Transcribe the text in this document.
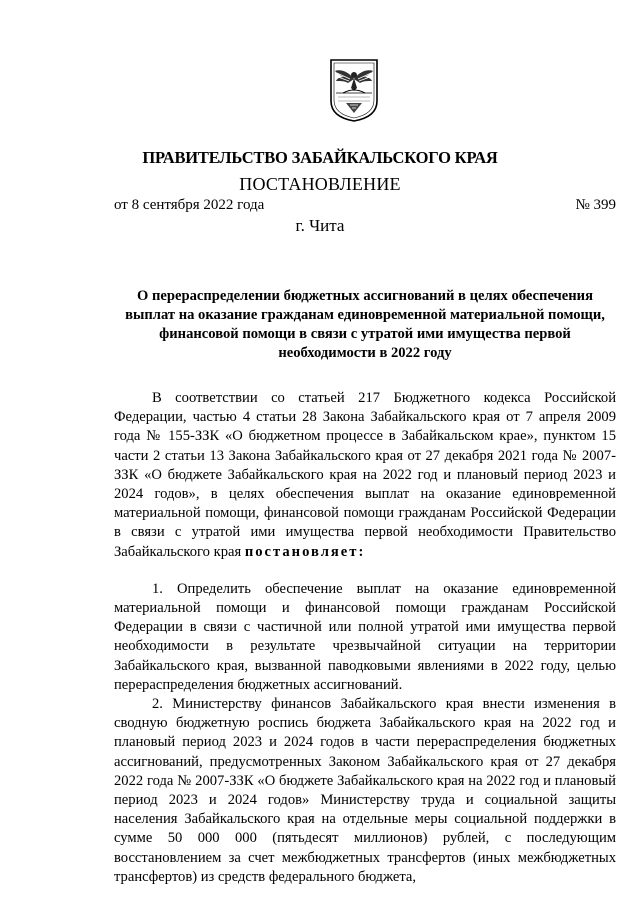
ПРАВИТЕЛЬСТВО ЗАБАЙКАЛЬСКОГО КРАЯ
ПОСТАНОВЛЕНИЕ
от 8 сентября 2022 года	№ 399
г. Чита
О перераспределении бюджетных ассигнований в целях обеспечения выплат на оказание гражданам единовременной материальной помощи, финансовой помощи в связи с утратой ими имущества первой необходимости в 2022 году

В соответствии со статьей 217 Бюджетного кодекса Российской Федерации, частью 4 статьи 28 Закона Забайкальского края от 7 апреля 2009 года № 155-ЗЗК «О бюджетном процессе в Забайкальском крае», пунктом 15 части 2 статьи 13 Закона Забайкальского края от 27 декабря 2021 года № 2007-ЗЗК «О бюджете Забайкальского края на 2022 год и плановый период 2023 и 2024 годов», в целях обеспечения выплат на оказание единовременной материальной помощи, финансовой помощи гражданам Российской Федерации в связи с утратой ими имущества первой необходимости Правительство Забайкальского края постановляет:

1. Определить обеспечение выплат на оказание единовременной материальной помощи и финансовой помощи гражданам Российской Федерации в связи с частичной или полной утратой ими имущества первой необходимости в результате чрезвычайной ситуации на территории Забайкальского края, вызванной паводковыми явлениями в 2022 году, целью перераспределения бюджетных ассигнований.

2. Министерству финансов Забайкальского края внести изменения в сводную бюджетную роспись бюджета Забайкальского края на 2022 год и плановый период 2023 и 2024 годов в части перераспределения бюджетных ассигнований, предусмотренных Законом Забайкальского края от 27 декабря 2022 года № 2007-ЗЗК «О бюджете Забайкальского края на 2022 год и плановый период 2023 и 2024 годов» Министерству труда и социальной защиты населения Забайкальского края на отдельные меры социальной поддержки в сумме 50 000 000 (пятьдесят миллионов) рублей, с последующим восстановлением за счет межбюджетных трансфертов (иных межбюджетных трансфертов) из средств федерального бюджета,
